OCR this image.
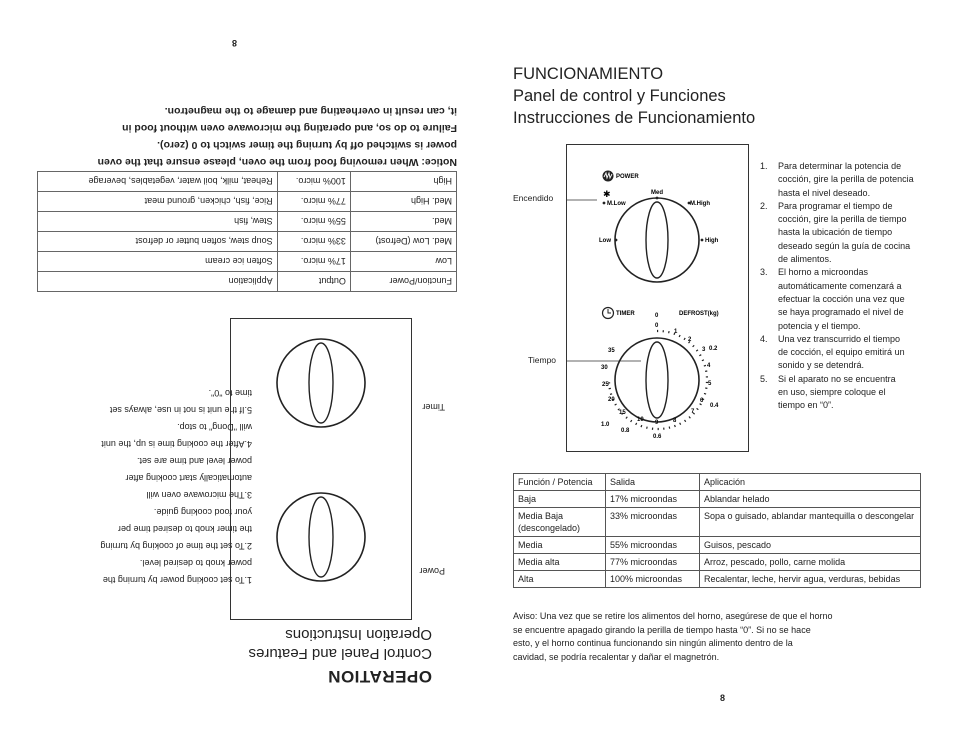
8
OPERATION
Control Panel and Features
Operation Instructions
1.To set cooking power by turning the
power knob to desired level.
2.To set the time of cooking by turning
the timer knob to desired time per
your food cooking guide.
3.The microwave oven will
automatically start cooking after
power level and time are set.
4.After the cooking time is up, the unit
will "Dong" to stop.
5.If the unit is not in use, always set
time to "0".
Power
Timer
Function/Power	Output	Application
Low	17% micro.	Soften ice cream
Med. Low (Defrost)	33% micro.	Soup stew, soften butter or defrost
Med.	55% micro.	Stew, fish
Med. High	77% micro.	Rice, fish, chicken, ground meat
High	100% micro.	Reheat, milk, boil water, vegetables, beverage
Notice: When removing food from the oven, please ensure that the oven
power is switched off by turning the timer switch to 0 (zero).
Failure to do so, and operating the microwave oven without food in
it, can result in overheating and damage to the magnetron.
FUNCIONAMIENTO
Panel de control y Funciones
Instrucciones de Funcionamiento
Encendido
Tiempo
POWER
✱
M.Low
Med
M.High
Low	High
TIMER	DEFROST(kg)
0
0
1
2
3
4
5
6
7
8
9
10
15
20
25
30
35	0.2
0.4
0.6
0.8
1.0
1. Para determinar la potencia de
cocción, gire la perilla de potencia
hasta el nivel deseado.
2. Para programar el tiempo de
cocción, gire la perilla de tiempo
hasta la ubicación de tiempo
deseado según la guía de cocina
de alimentos.
3. El horno a microondas
automáticamente comenzará a
efectuar la cocción una vez que
se haya programado el nivel de
potencia y el tiempo.
4. Una vez transcurrido el tiempo
de cocción, el equipo emitirá un
sonido y se detendrá.
5. Si el aparato no se encuentra
en uso, siempre coloque el
tiempo en “0”.
Función / Potencia	Salida	Aplicación
Baja	17% microondas	Ablandar helado
Media Baja (descongelado)	33% microondas	Sopa o guisado, ablandar mantequilla o descongelar
Media	55% microondas	Guisos, pescado
Media alta	77% microondas	Arroz, pescado, pollo, carne molida
Alta	100% microondas	Recalentar, leche, hervir agua, verduras, bebidas
Aviso: Una vez que se retire los alimentos del horno, asegúrese de que el horno
se encuentre apagado girando la perilla de tiempo hasta “0”. Si no se hace
esto, y el horno continua funcionando sin ningún alimento dentro de la
cavidad, se podría recalentar y dañar el magnetrón.
8
